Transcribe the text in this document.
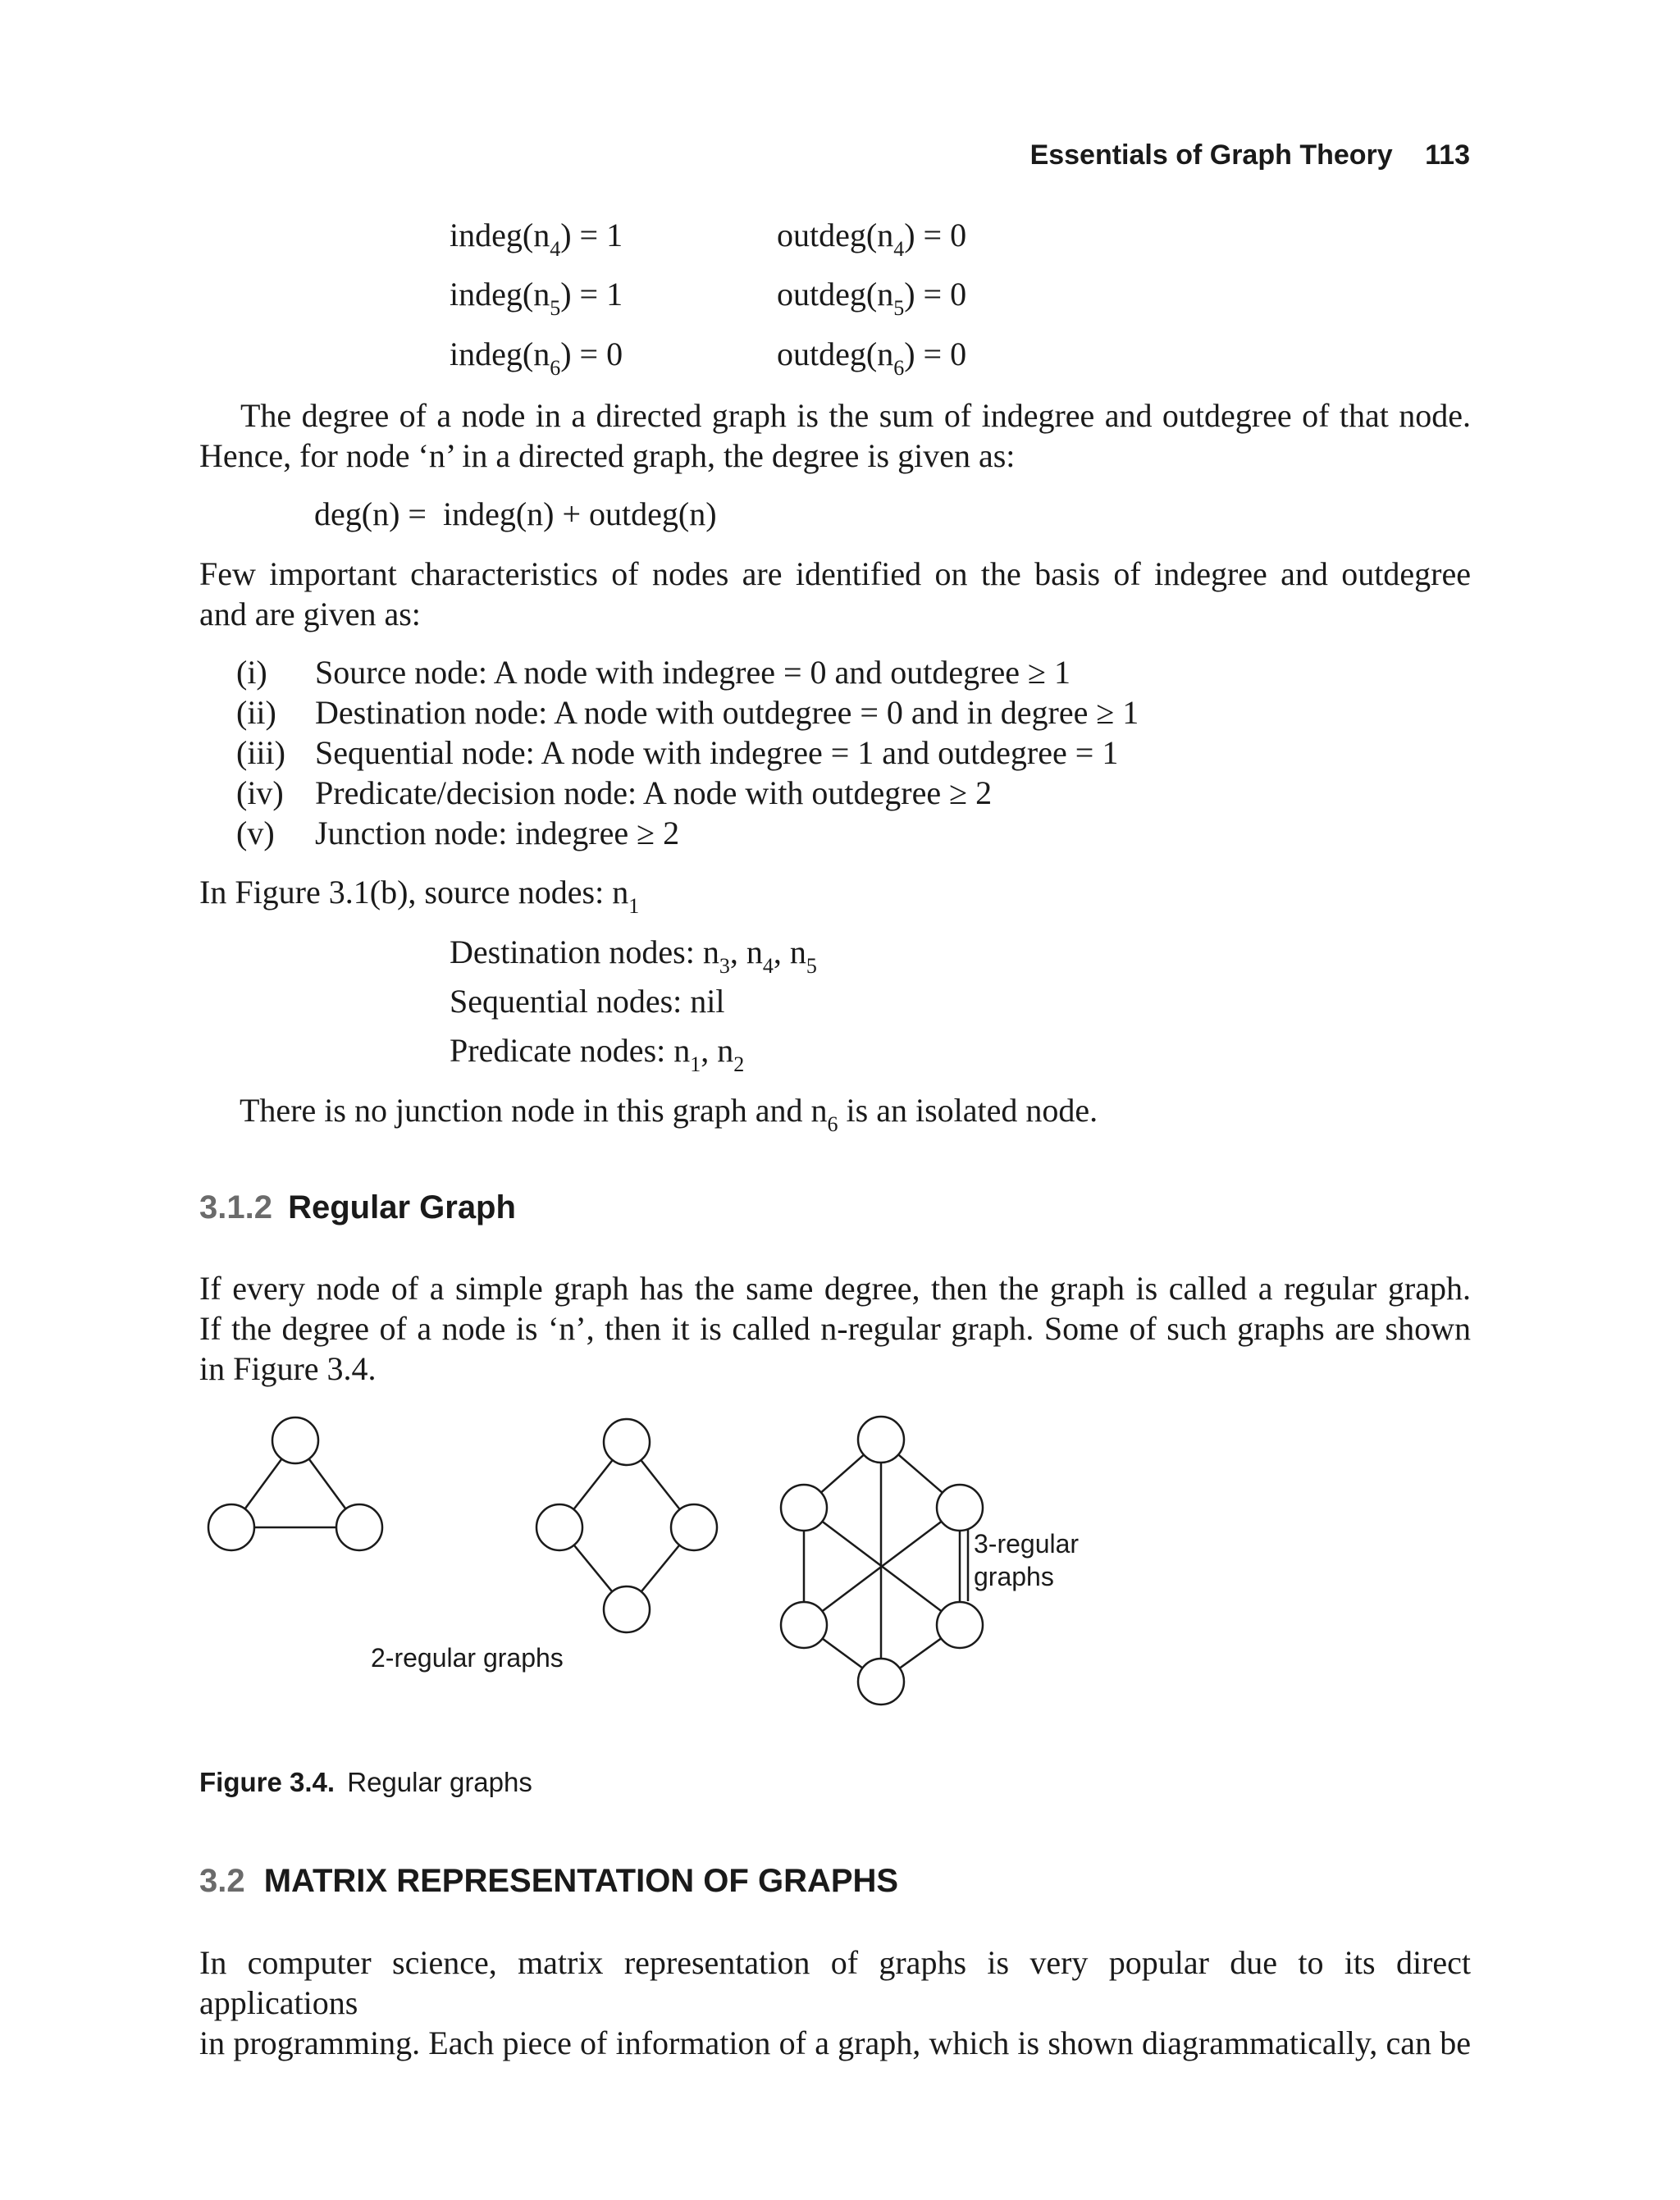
Essentials of Graph Theory 113
$indeg(n_4) = 1$	$outdeg(n_4) = 0$
$indeg(n_5) = 1$	$outdeg(n_5) = 0$
$indeg(n_6) = 0$	$outdeg(n_6) = 0$
The degree of a node in a directed graph is the sum of indegree and outdegree of that node.
Hence, for node ‘n’ in a directed graph, the degree is given as:
deg(n) = indeg(n) + outdeg(n)
Few important characteristics of nodes are identified on the basis of indegree and outdegree
and are given as:
(i) Source node: A node with indegree = 0 and outdegree ≥ 1
(ii) Destination node: A node with outdegree = 0 and in degree ≥ 1
(iii) Sequential node: A node with indegree = 1 and outdegree = 1
(iv) Predicate/decision node: A node with outdegree ≥ 2
(v) Junction node: indegree ≥ 2
In Figure 3.1(b), source nodes: $n_1$
Destination nodes: $n_3$, $n_4$, $n_5$
Sequential nodes: nil
Predicate nodes: $n_1$, $n_2$
There is no junction node in this graph and $n_6$ is an isolated node.
3.1.2 Regular Graph
If every node of a simple graph has the same degree, then the graph is called a regular graph.
If the degree of a node is ‘n’, then it is called n-regular graph. Some of such graphs are shown
in Figure 3.4.
2-regular graphs
3-regular
graphs
Figure 3.4. Regular graphs
3.2 MATRIX REPRESENTATION OF GRAPHS
In computer science, matrix representation of graphs is very popular due to its direct applications
in programming. Each piece of information of a graph, which is shown diagrammatically, can be
